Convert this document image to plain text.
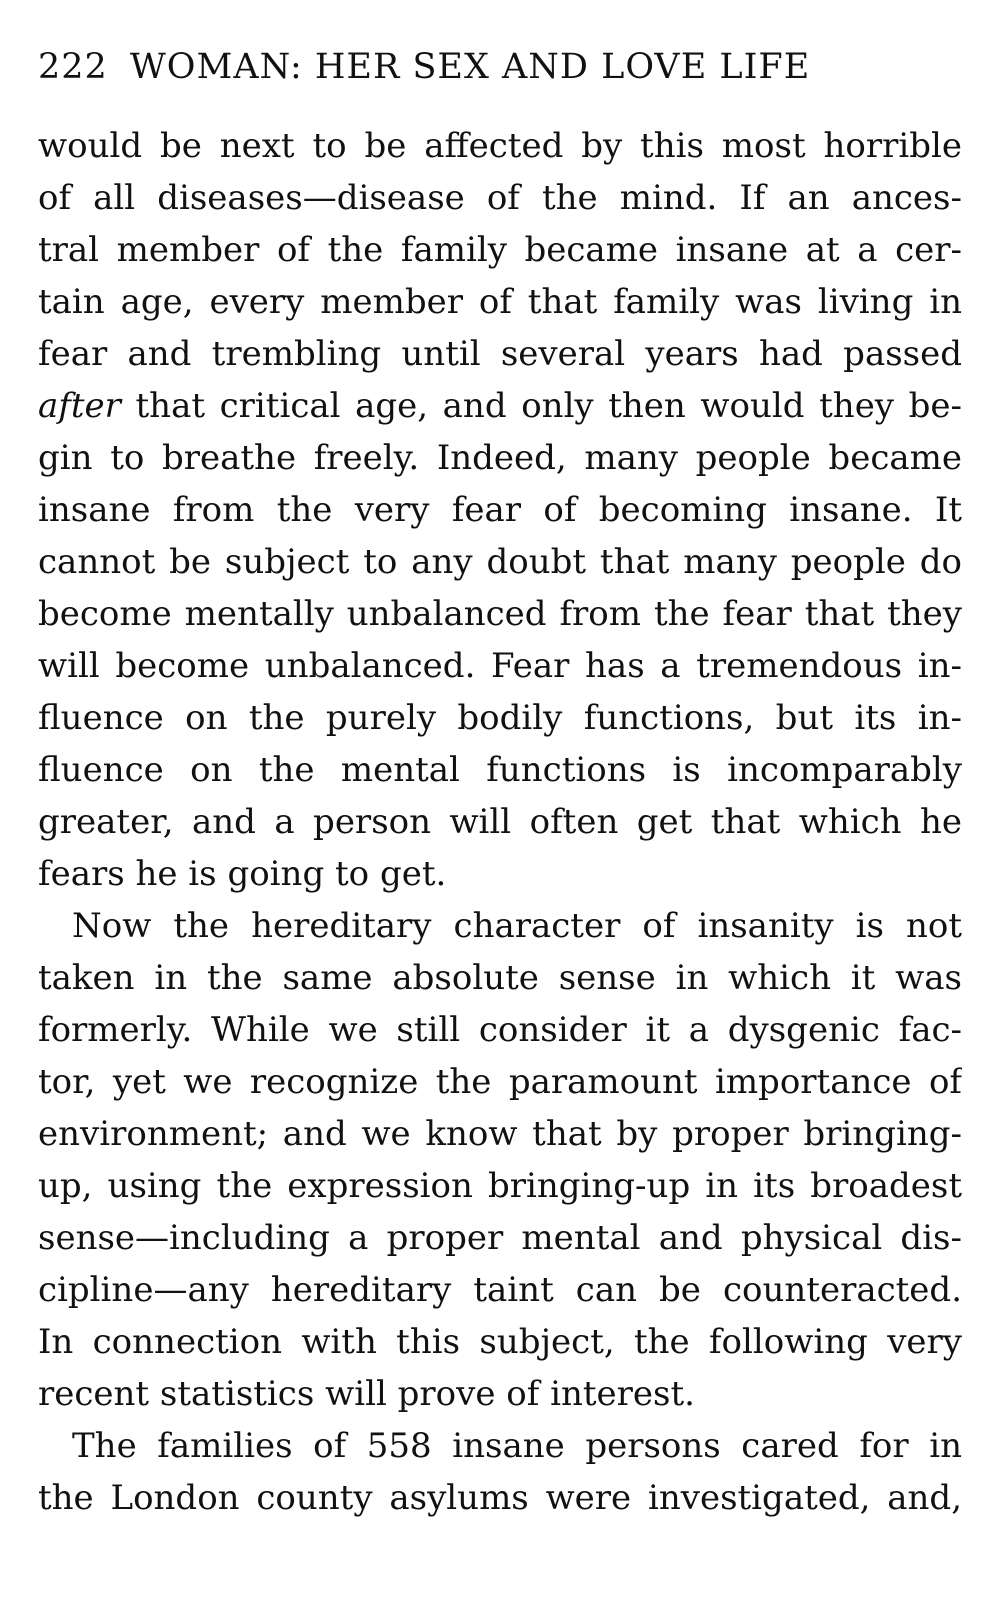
222 WOMAN: HER SEX AND LOVE LIFE
would be next to be affected by this most horrible
of all diseases—disease of the mind. If an ances-
tral member of the family became insane at a cer-
tain age, every member of that family was living in
fear and trembling until several years had passed
after that critical age, and only then would they be-
gin to breathe freely. Indeed, many people became
insane from the very fear of becoming insane. It
cannot be subject to any doubt that many people do
become mentally unbalanced from the fear that they
will become unbalanced. Fear has a tremendous in-
fluence on the purely bodily functions, but its in-
fluence on the mental functions is incomparably
greater, and a person will often get that which he
fears he is going to get.
Now the hereditary character of insanity is not
taken in the same absolute sense in which it was
formerly. While we still consider it a dysgenic fac-
tor, yet we recognize the paramount importance of
environment; and we know that by proper bringing-
up, using the expression bringing-up in its broadest
sense—including a proper mental and physical dis-
cipline—any hereditary taint can be counteracted.
In connection with this subject, the following very
recent statistics will prove of interest.
The families of 558 insane persons cared for in
the London county asylums were investigated, and,
